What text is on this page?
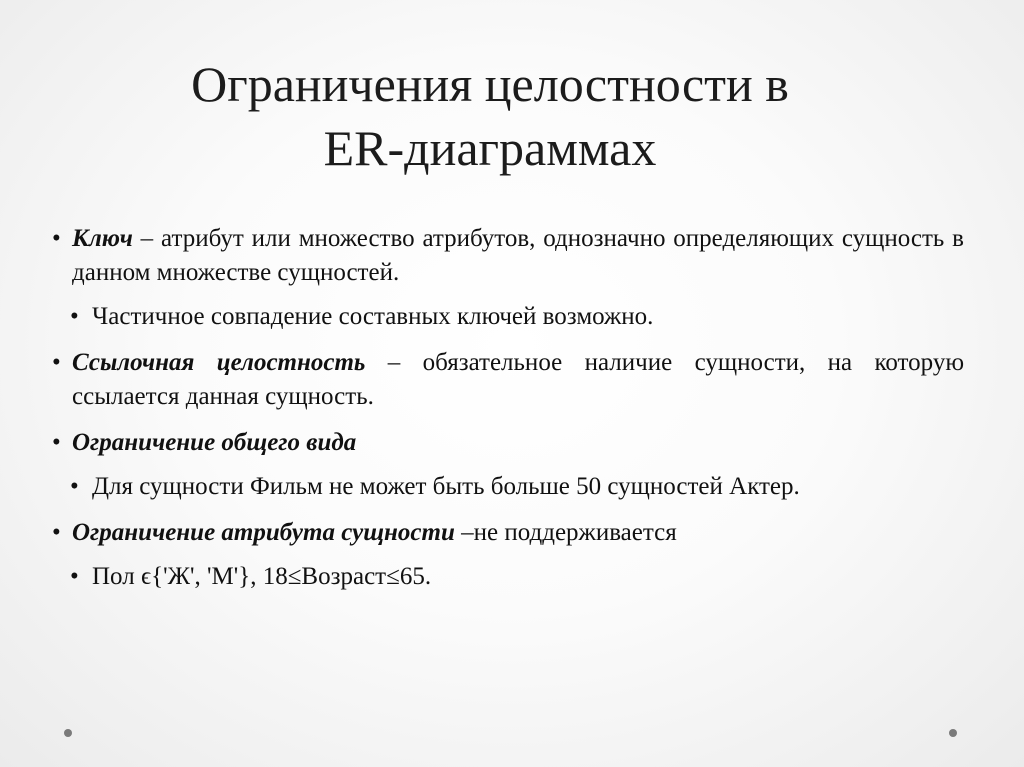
Ограничения целостности в
ER-диаграммах
• Ключ – атрибут или множество атрибутов, однозначно определяющих сущность в данном множестве сущностей.
• Частичное совпадение составных ключей возможно.
• Ссылочная целостность – обязательное наличие сущности, на которую ссылается данная сущность.
• Ограничение общего вида
• Для сущности Фильм не может быть больше 50 сущностей Актер.
• Ограничение атрибута сущности –не поддерживается
• Пол ϵ{'Ж', 'М'}, 18≤Возраст≤65.
